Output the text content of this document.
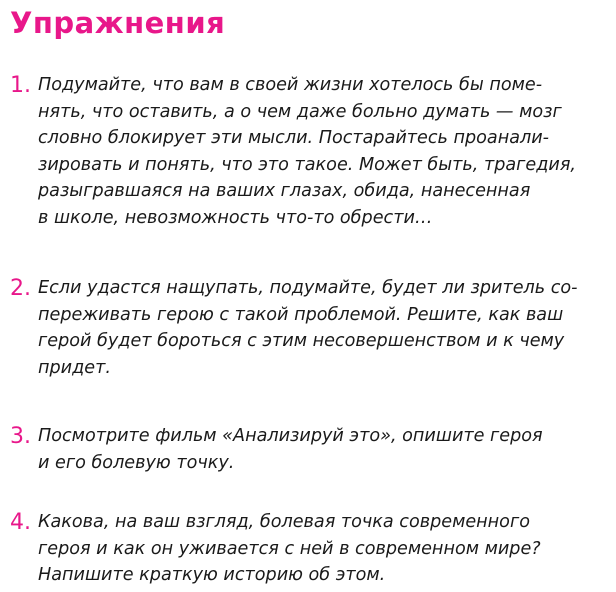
Упражнения
1. Подумайте, что вам в своей жизни хотелось бы поме-
нять, что оставить, а о чем даже больно думать — мозг
словно блокирует эти мысли. Постарайтесь проанали-
зировать и понять, что это такое. Может быть, трагедия,
разыгравшаяся на ваших глазах, обида, нанесенная
в школе, невозможность что-то обрести…
2. Если удастся нащупать, подумайте, будет ли зритель со-
переживать герою с такой проблемой. Решите, как ваш
герой будет бороться с этим несовершенством и к чему
придет.
3. Посмотрите фильм «Анализируй это», опишите героя
и его болевую точку.
4. Какова, на ваш взгляд, болевая точка современного
героя и как он уживается с ней в современном мире?
Напишите краткую историю об этом.
